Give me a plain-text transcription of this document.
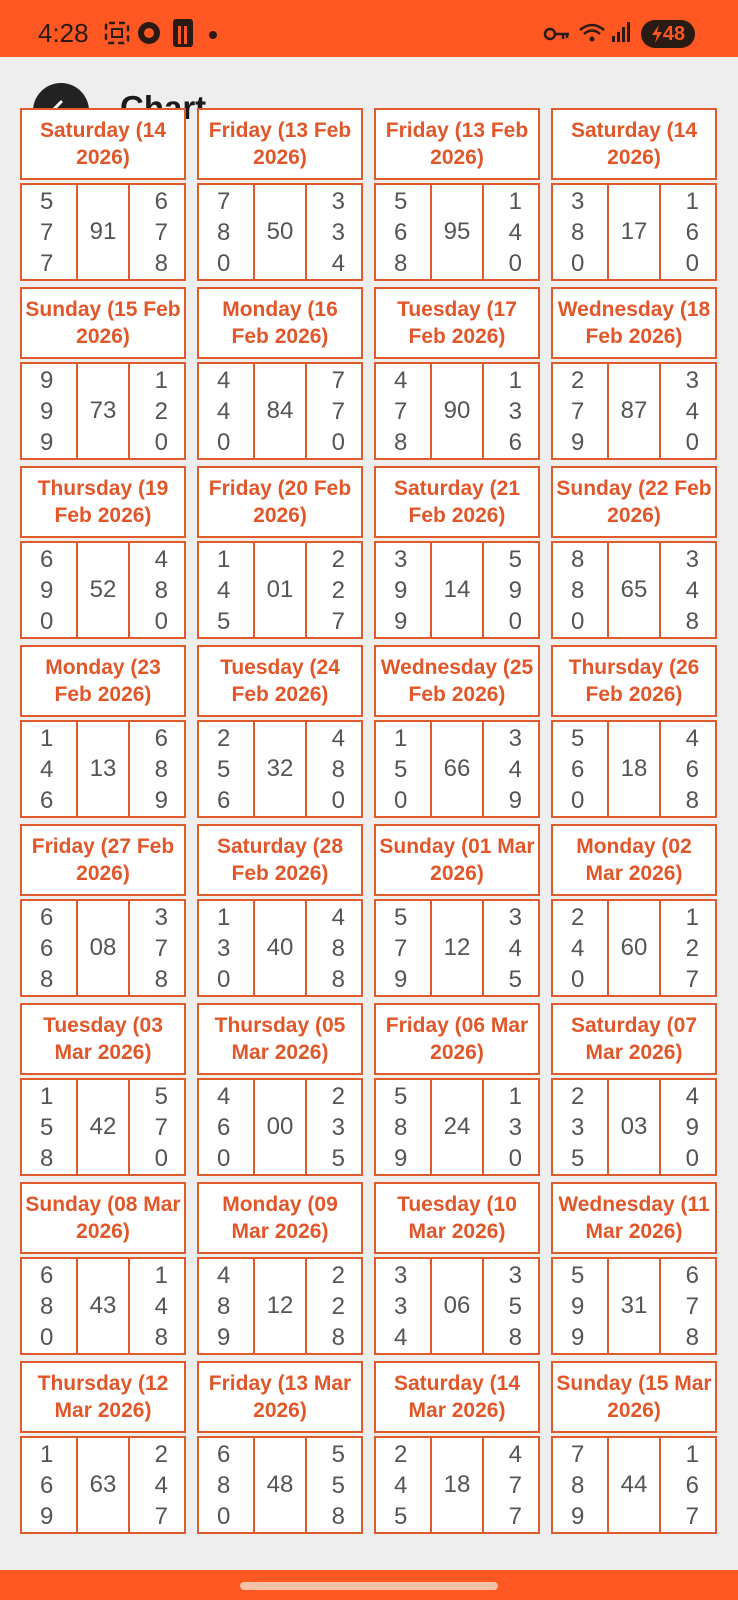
4:28	48
Saturday (14 2026)
5
7
7
91
6
7
8
Friday (13 Feb 2026)
7
8
0
50
3
3
4
Friday (13 Feb 2026)
5
6
8
95
1
4
0
Saturday (14 2026)
3
8
0
17
1
6
0
Sunday (15 Feb 2026)
9
9
9
73
1
2
0
Monday (16 Feb 2026)
4
4
0
84
7
7
0
Tuesday (17 Feb 2026)
4
7
8
90
1
3
6
Wednesday (18 Feb 2026)
2
7
9
87
3
4
0
Thursday (19 Feb 2026)
6
9
0
52
4
8
0
Friday (20 Feb 2026)
1
4
5
01
2
2
7
Saturday (21 Feb 2026)
3
9
9
14
5
9
0
Sunday (22 Feb 2026)
8
8
0
65
3
4
8
Monday (23 Feb 2026)
1
4
6
13
6
8
9
Tuesday (24 Feb 2026)
2
5
6
32
4
8
0
Wednesday (25 Feb 2026)
1
5
0
66
3
4
9
Thursday (26 Feb 2026)
5
6
0
18
4
6
8
Friday (27 Feb 2026)
6
6
8
08
3
7
8
Saturday (28 Feb 2026)
1
3
0
40
4
8
8
Sunday (01 Mar 2026)
5
7
9
12
3
4
5
Monday (02 Mar 2026)
2
4
0
60
1
2
7
Tuesday (03 Mar 2026)
1
5
8
42
5
7
0
Thursday (05 Mar 2026)
4
6
0
00
2
3
5
Friday (06 Mar 2026)
5
8
9
24
1
3
0
Saturday (07 Mar 2026)
2
3
5
03
4
9
0
Sunday (08 Mar 2026)
6
8
0
43
1
4
8
Monday (09 Mar 2026)
4
8
9
12
2
2
8
Tuesday (10 Mar 2026)
3
3
4
06
3
5
8
Wednesday (11 Mar 2026)
5
9
9
31
6
7
8
Thursday (12 Mar 2026)
1
6
9
63
2
4
7
Friday (13 Mar 2026)
6
8
0
48
5
5
8
Saturday (14 Mar 2026)
2
4
5
18
4
7
7
Sunday (15 Mar 2026)
7
8
9
44
1
6
7
